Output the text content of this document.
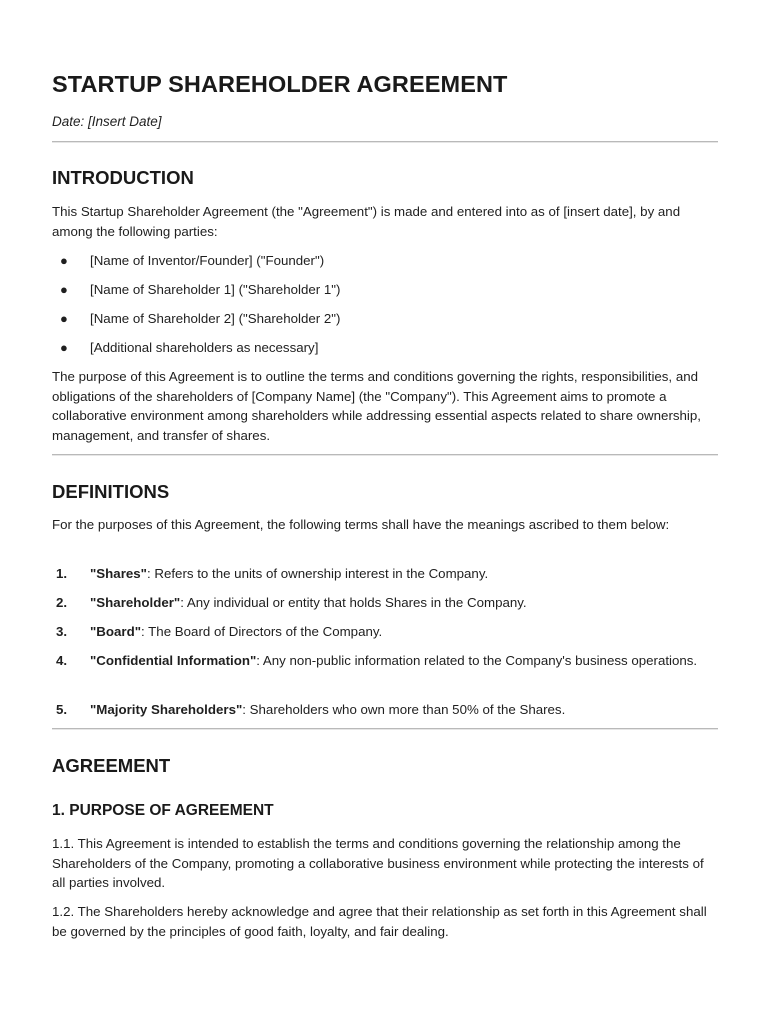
STARTUP SHAREHOLDER AGREEMENT
Date: [Insert Date]
INTRODUCTION

This Startup Shareholder Agreement (the "Agreement") is made and entered into as of [insert date], by and among the following parties:

● [Name of Inventor/Founder] ("Founder")
● [Name of Shareholder 1] ("Shareholder 1")
● [Name of Shareholder 2] ("Shareholder 2")
● [Additional shareholders as necessary]

The purpose of this Agreement is to outline the terms and conditions governing the rights, responsibilities, and obligations of the shareholders of [Company Name] (the "Company"). This Agreement aims to promote a collaborative environment among shareholders while addressing essential aspects related to share ownership, management, and transfer of shares.

DEFINITIONS

For the purposes of this Agreement, the following terms shall have the meanings ascribed to them below:

1. "Shares": Refers to the units of ownership interest in the Company.
2. "Shareholder": Any individual or entity that holds Shares in the Company.
3. "Board": The Board of Directors of the Company.
4. "Confidential Information": Any non-public information related to the Company's business operations.
5. "Majority Shareholders": Shareholders who own more than 50% of the Shares.
AGREEMENT
1. PURPOSE OF AGREEMENT

1.1. This Agreement is intended to establish the terms and conditions governing the relationship among the Shareholders of the Company, promoting a collaborative business environment while protecting the interests of all parties involved.

1.2. The Shareholders hereby acknowledge and agree that their relationship as set forth in this Agreement shall be governed by the principles of good faith, loyalty, and fair dealing.
